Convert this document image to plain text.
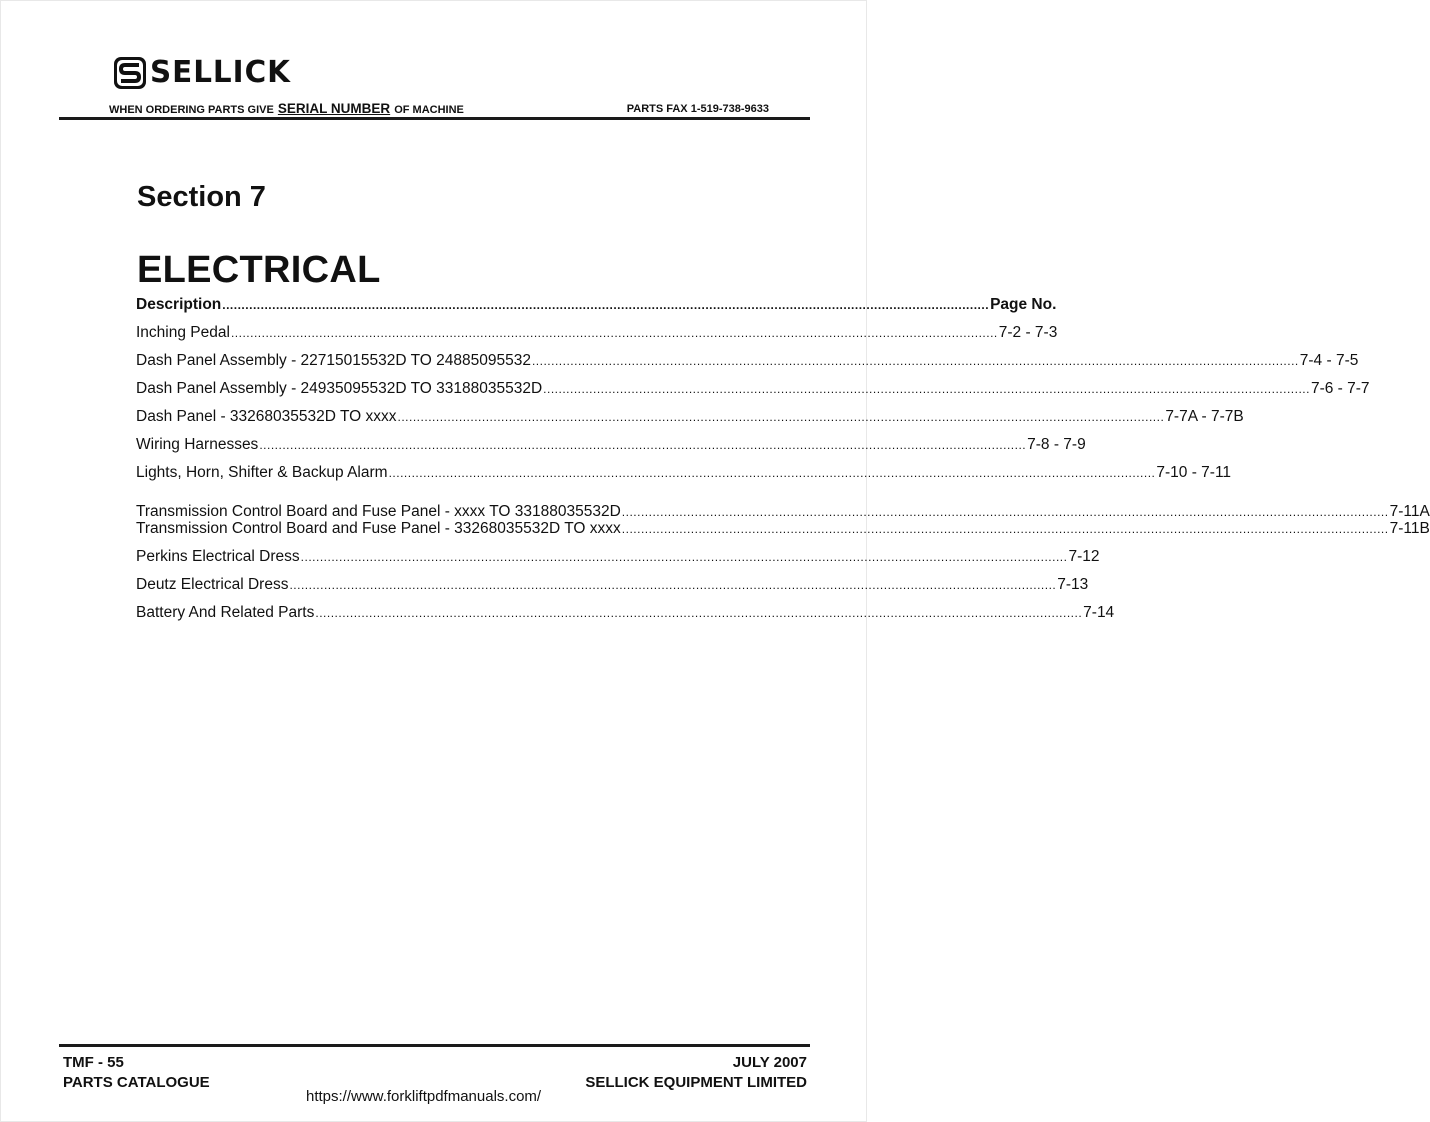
SELLICK
WHEN ORDERING PARTS GIVE SERIAL NUMBER OF MACHINE	PARTS FAX 1-519-738-9633
Section 7
ELECTRICAL
Description ........................................................................................................................................................................................................ Page No.
Inching Pedal ........................................................................................................................................................................................................ 7-2 - 7-3
Dash Panel Assembly - 22715015532D TO 24885095532 ........................................................................................................................................................................................................ 7-4 - 7-5
Dash Panel Assembly - 24935095532D TO 33188035532D ........................................................................................................................................................................................................ 7-6 - 7-7
Dash Panel - 33268035532D TO xxxx ........................................................................................................................................................................................................ 7-7A - 7-7B
Wiring Harnesses ........................................................................................................................................................................................................ 7-8 - 7-9
Lights, Horn, Shifter & Backup Alarm ........................................................................................................................................................................................................ 7-10 - 7-11
Transmission Control Board and Fuse Panel - xxxx TO 33188035532D ........................................................................................................................................................................................................ 7-11A
Transmission Control Board and Fuse Panel - 33268035532D TO xxxx ........................................................................................................................................................................................................ 7-11B
Perkins Electrical Dress ........................................................................................................................................................................................................ 7-12
Deutz Electrical Dress ........................................................................................................................................................................................................ 7-13
Battery And Related Parts ........................................................................................................................................................................................................ 7-14
TMF - 55
PARTS CATALOGUE
JULY 2007
SELLICK EQUIPMENT LIMITED
https://www.forkliftpdfmanuals.com/
